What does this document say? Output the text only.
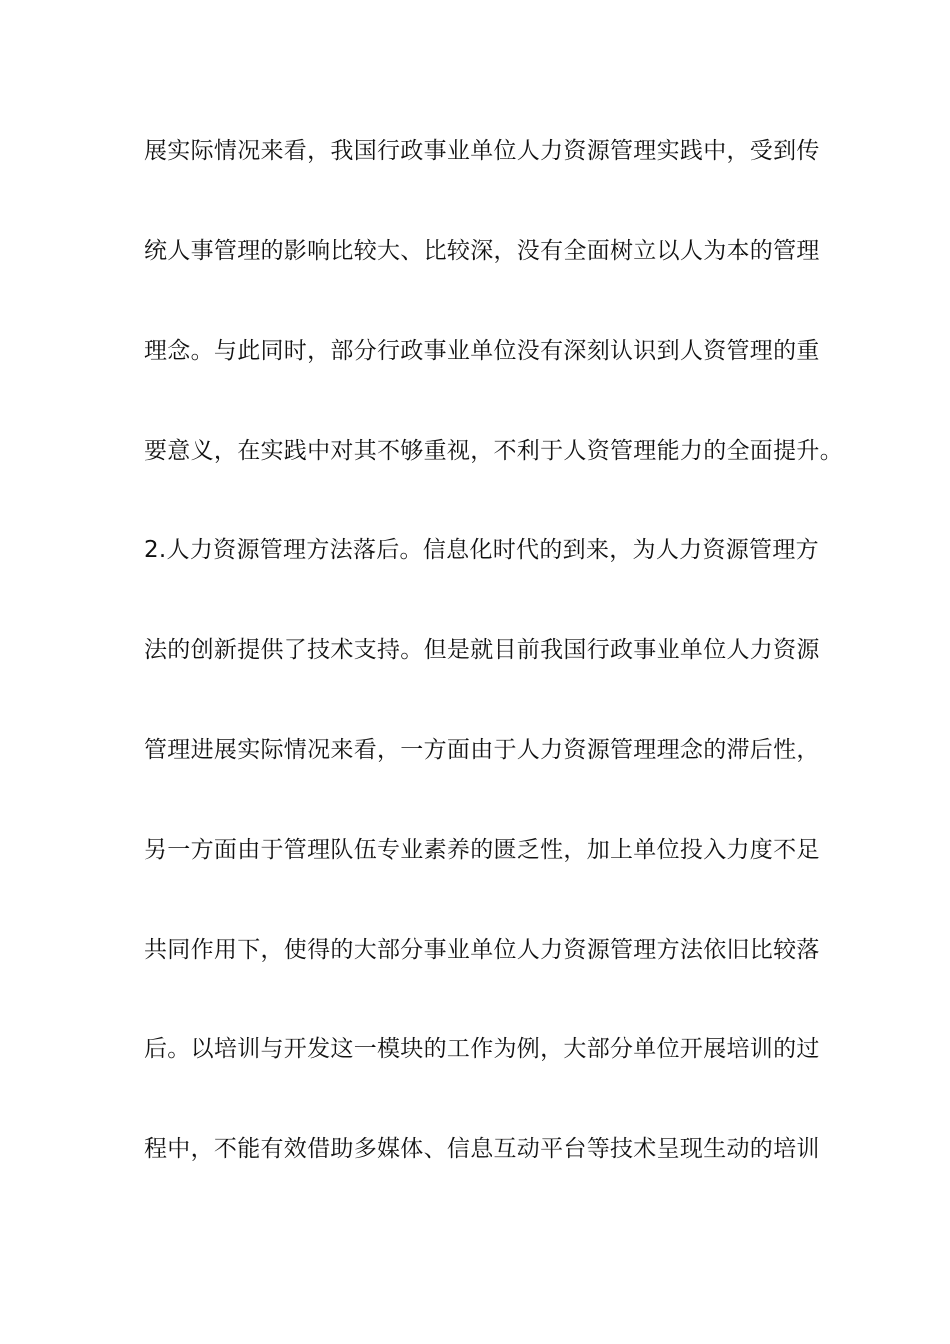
展实际情况来看，我国行政事业单位人力资源管理实践中，受到传
统人事管理的影响比较大、比较深，没有全面树立以人为本的管理
理念。与此同时，部分行政事业单位没有深刻认识到人资管理的重
要意义，在实践中对其不够重视，不利于人资管理能力的全面提升。
2.人力资源管理方法落后。信息化时代的到来，为人力资源管理方
法的创新提供了技术支持。但是就目前我国行政事业单位人力资源
管理进展实际情况来看，一方面由于人力资源管理理念的滞后性，
另一方面由于管理队伍专业素养的匮乏性，加上单位投入力度不足
共同作用下，使得的大部分事业单位人力资源管理方法依旧比较落
后。以培训与开发这一模块的工作为例，大部分单位开展培训的过
程中，不能有效借助多媒体、信息互动平台等技术呈现生动的培训
